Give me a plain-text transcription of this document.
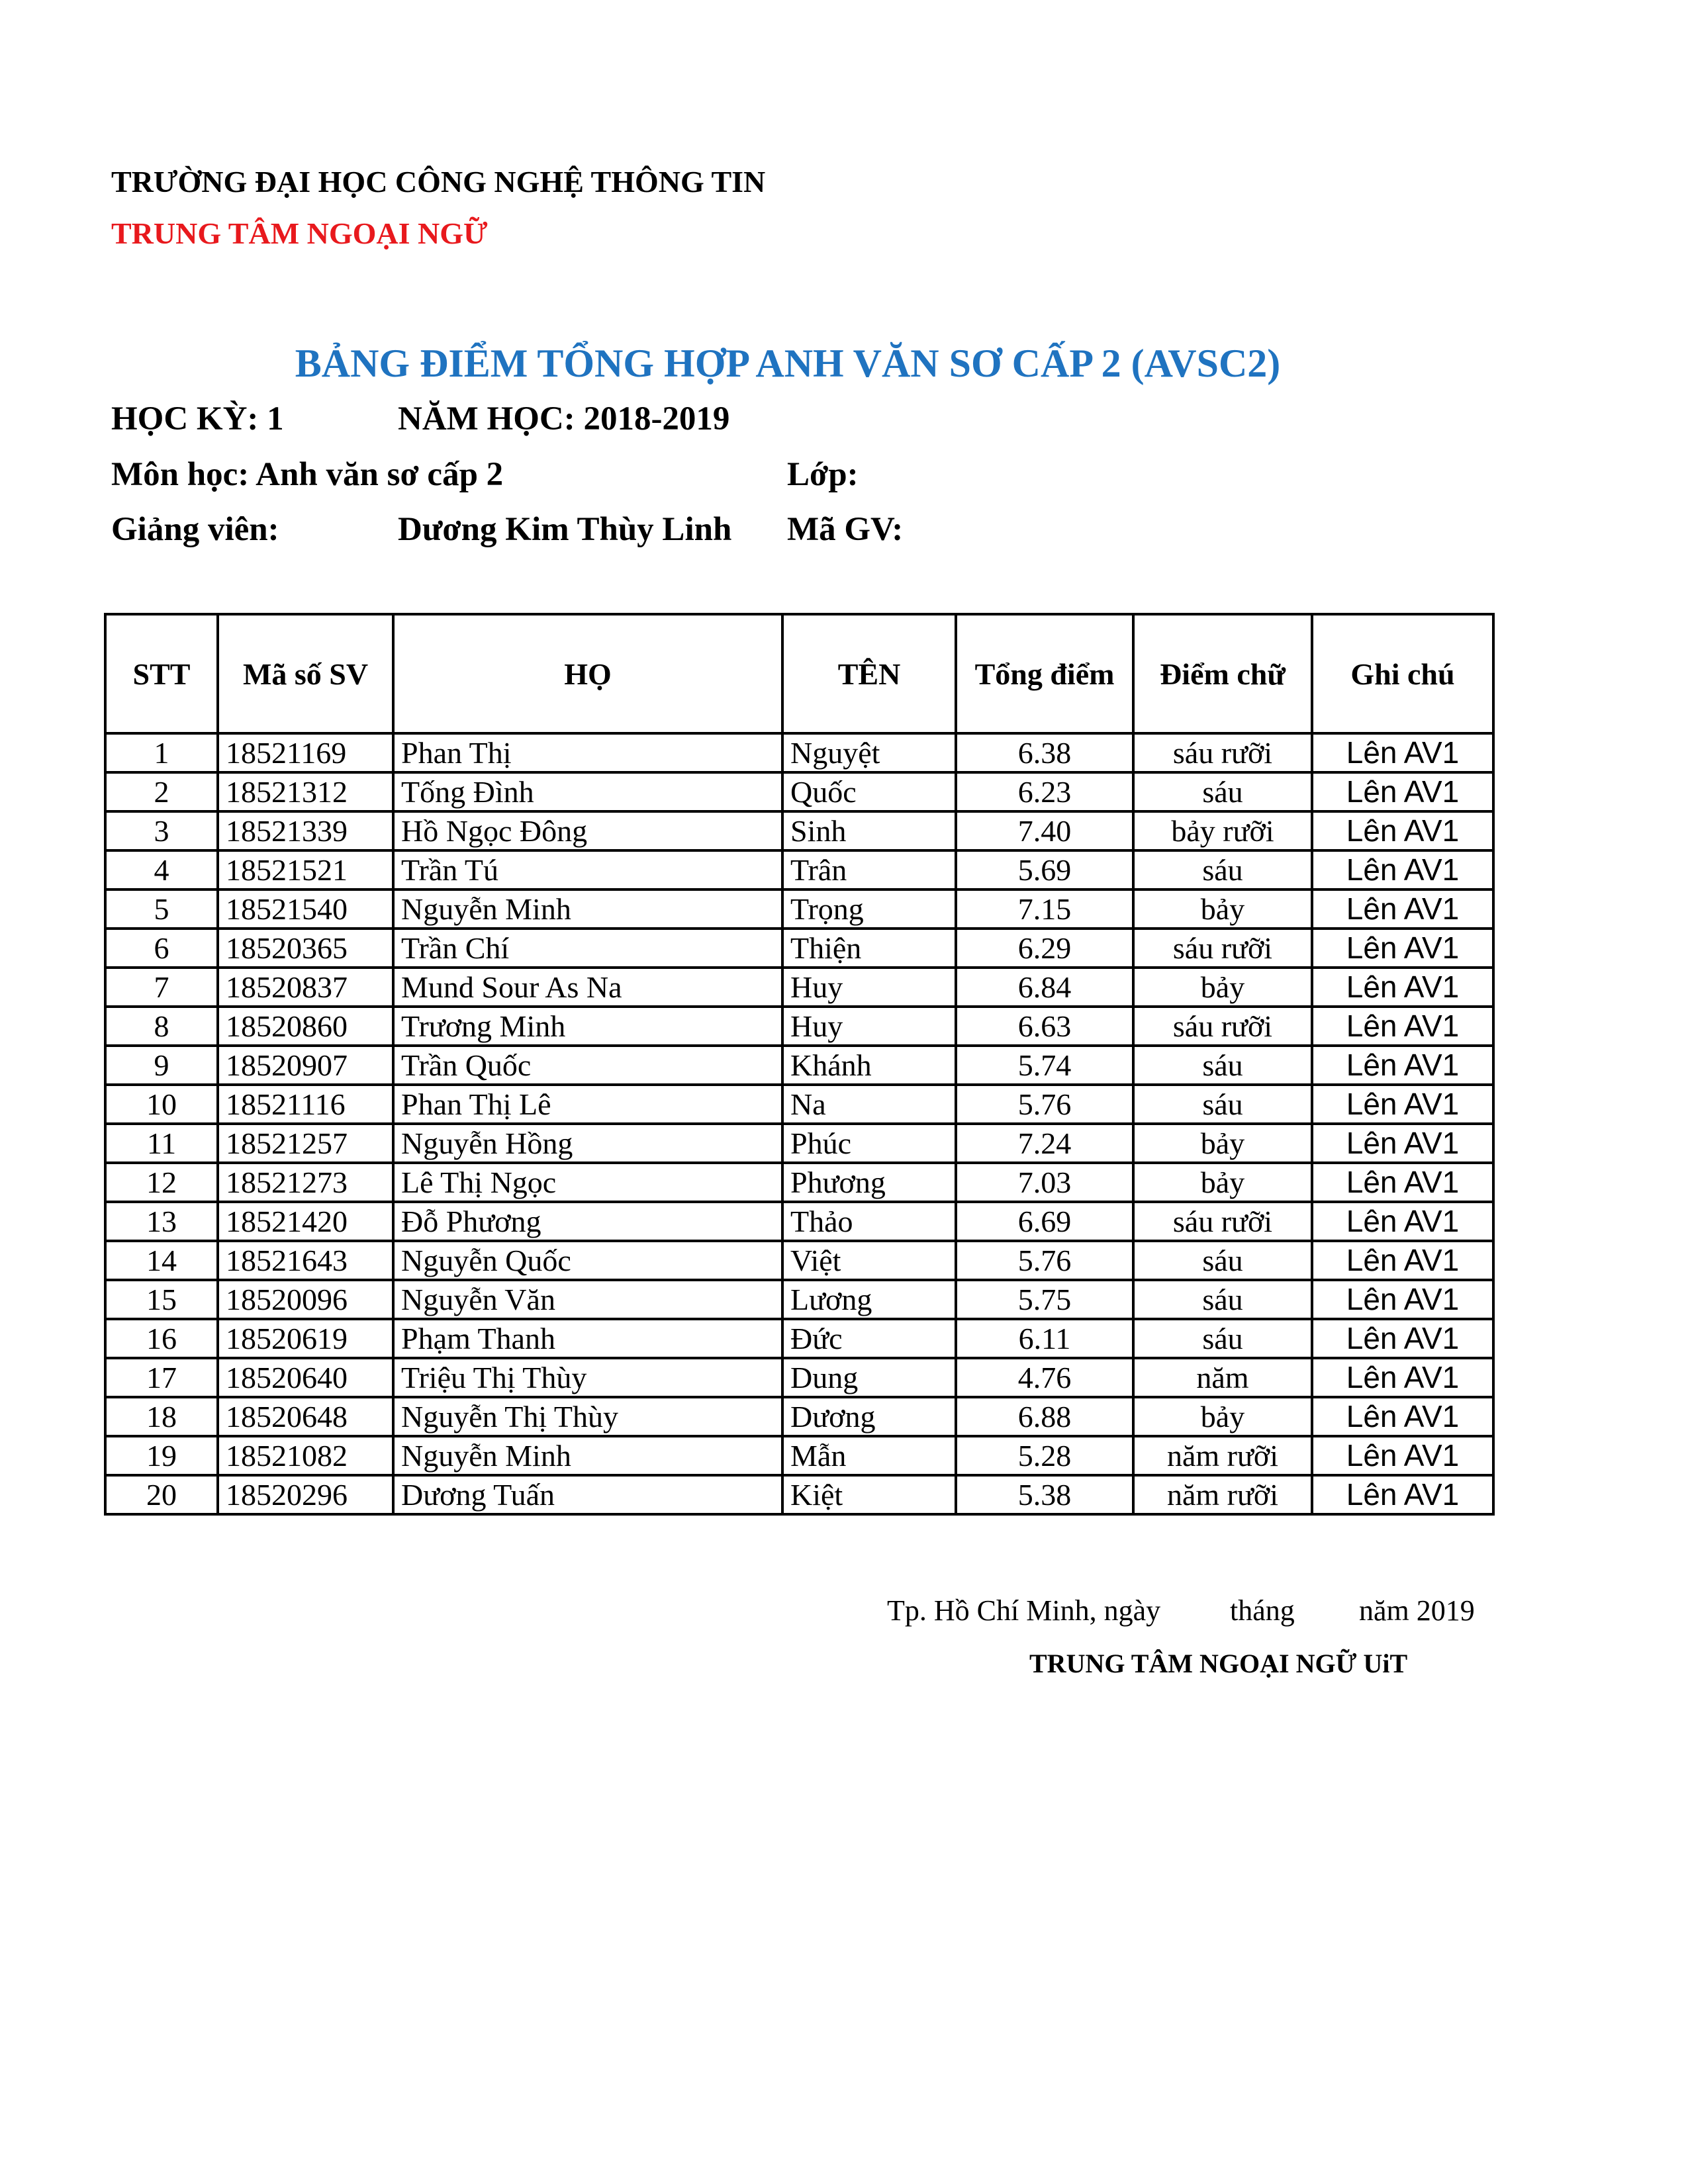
TRƯỜNG ĐẠI HỌC CÔNG NGHỆ THÔNG TIN
TRUNG TÂM NGOẠI NGỮ
BẢNG ĐIỂM TỔNG HỢP ANH VĂN SƠ CẤP 2 (AVSC2)
HỌC KỲ: 1	NĂM HỌC: 2018-2019
Môn học: Anh văn sơ cấp 2	Lớp:
Giảng viên:	Dương Kim Thùy Linh Mã GV:
STT	Mã số SV	HỌ	TÊN	Tổng điểm	Điểm chữ	Ghi chú
1	18521169	Phan Thị	Nguyệt	6.38	sáu rưỡi	Lên AV1
2	18521312	Tống Đình	Quốc	6.23	sáu	Lên AV1
3	18521339	Hồ Ngọc Đông	Sinh	7.40	bảy rưỡi	Lên AV1
4	18521521	Trần Tú	Trân	5.69	sáu	Lên AV1
5	18521540	Nguyễn Minh	Trọng	7.15	bảy	Lên AV1
6	18520365	Trần Chí	Thiện	6.29	sáu rưỡi	Lên AV1
7	18520837	Mund Sour As Na	Huy	6.84	bảy	Lên AV1
8	18520860	Trương Minh	Huy	6.63	sáu rưỡi	Lên AV1
9	18520907	Trần Quốc	Khánh	5.74	sáu	Lên AV1
10	18521116	Phan Thị Lê	Na	5.76	sáu	Lên AV1
11	18521257	Nguyễn Hồng	Phúc	7.24	bảy	Lên AV1
12	18521273	Lê Thị Ngọc	Phương	7.03	bảy	Lên AV1
13	18521420	Đỗ Phương	Thảo	6.69	sáu rưỡi	Lên AV1
14	18521643	Nguyễn Quốc	Việt	5.76	sáu	Lên AV1
15	18520096	Nguyễn Văn	Lương	5.75	sáu	Lên AV1
16	18520619	Phạm Thanh	Đức	6.11	sáu	Lên AV1
17	18520640	Triệu Thị Thùy	Dung	4.76	năm	Lên AV1
18	18520648	Nguyễn Thị Thùy	Dương	6.88	bảy	Lên AV1
19	18521082	Nguyễn Minh	Mẫn	5.28	năm rưỡi	Lên AV1
20	18520296	Dương Tuấn	Kiệt	5.38	năm rưỡi	Lên AV1
Tp. Hồ Chí Minh, ngày tháng năm 2019
TRUNG TÂM NGOẠI NGỮ UiT
